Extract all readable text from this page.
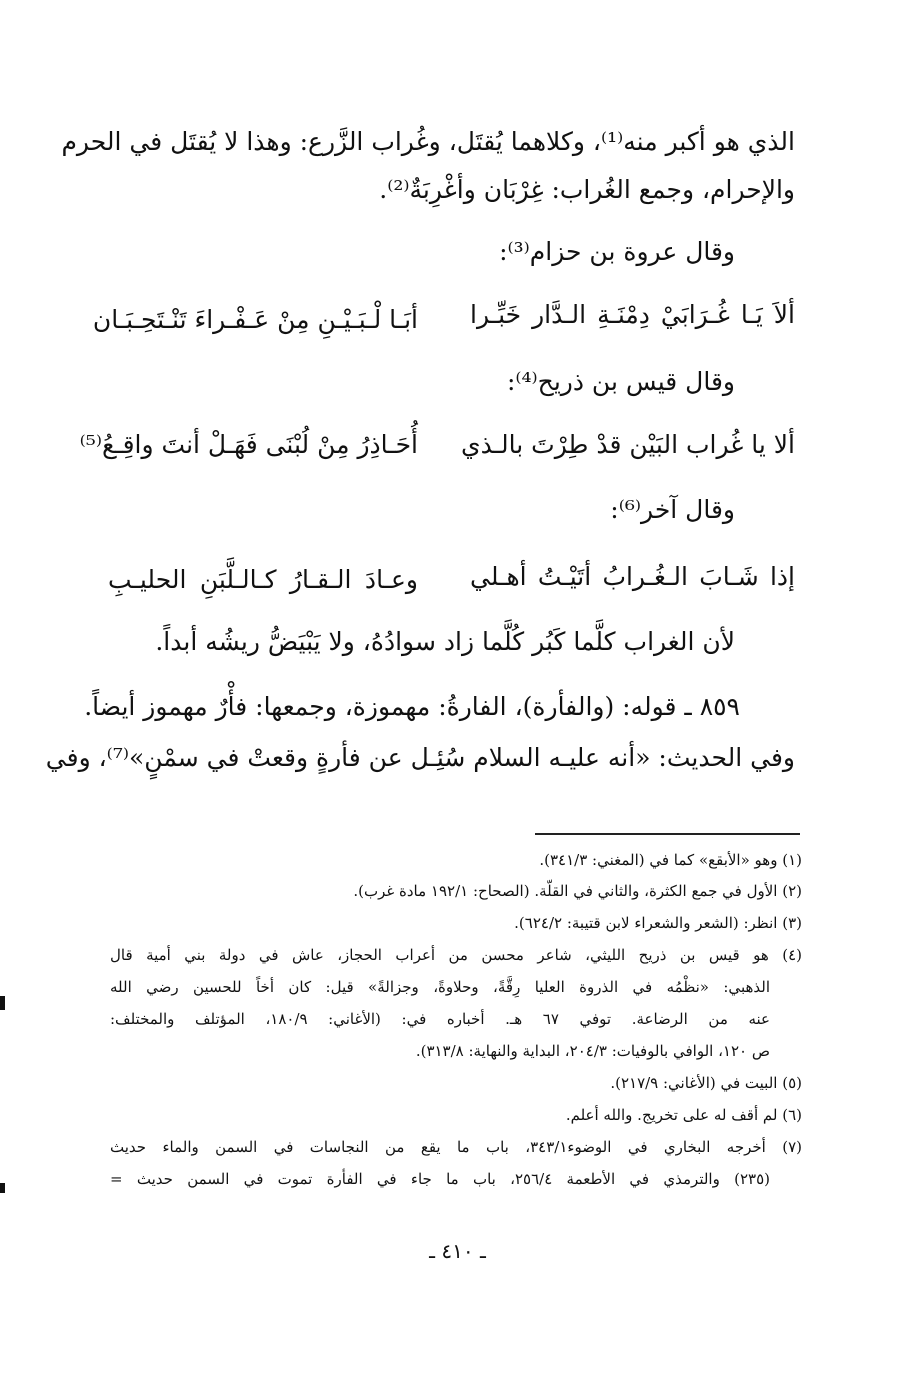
الذي هو أكبر منه⁽¹⁾، وكلاهما يُقتَل، وغُراب الزَّرع: وهذا لا يُقتَل في الحرم
والإحرام، وجمع الغُراب: غِرْبَان وأغْرِبَةٌ⁽²⁾.
وقال عروة بن حزام⁽³⁾:
ألاَ يَـا غُـرَابَيْ دِمْنَـةِ الـدَّار خَبِّـرا
أبَـا لْـبَـيْـنِ مِنْ عَـفْـراءَ تَنْـتَحِـبَـان
وقال قيس بن ذريح⁽⁴⁾:
ألا يا غُراب البَيْن قدْ طِرْتَ بالـذي
أُحَـاذِرُ مِنْ لُبْنَى فَهَـلْ أنتَ واقِـعُ⁽⁵⁾
وقال آخر⁽⁶⁾:
إذا شَـابَ الـغُـرابُ أتَيْـتُ أهـلي
وعـادَ الـقـارُ كـالـلَّبَنِ الحليـبِ
لأن الغراب كلَّما كَبُر كُلَّما زاد سوادُهُ، ولا يَبْيَضُّ ريشُه أبداً.
٨٥٩ ـ قوله: (والفأرة)، الفارةُ: مهموزة، وجمعها: فأْرٌ مهموز أيضاً.
وفي الحديث: «أنه عليـه السلام سُئِـل عن فأرةٍ وقعتْ في سمْنٍ»⁽⁷⁾، وفي
(١) وهو «الأبقع» كما في (المغني: ٣٤١/٣).
(٢) الأول في جمع الكثرة، والثاني في القلّة. (الصحاح: ١٩٢/١ مادة غرب).
(٣) انظر: (الشعر والشعراء لابن قتيبة: ٦٢٤/٢).
(٤) هو قيس بن ذريح الليثي، شاعر محسن من أعراب الحجاز، عاش في دولة بني أمية قال
الذهبي: «نظْمُه في الذروة العليا رِقَّةً، وحلاوةً، وجزالةً» قيل: كان أخاً للحسين رضي الله
عنه من الرضاعة. توفي ٦٧ هـ. أخباره في: (الأغاني: ١٨٠/٩، المؤتلف والمختلف:
ص ١٢٠، الوافي بالوفيات: ٢٠٤/٣، البداية والنهاية: ٣١٣/٨).
(٥) البيت في (الأغاني: ٢١٧/٩).
(٦) لم أقف له على تخريج. والله أعلم.
(٧) أخرجه البخاري في الوضوء٣٤٣/١، باب ما يقع من النجاسات في السمن والماء حديث
(٢٣٥) والترمذي في الأطعمة ٢٥٦/٤، باب ما جاء في الفأرة تموت في السمن حديث =
ـ ٤١٠ ـ
